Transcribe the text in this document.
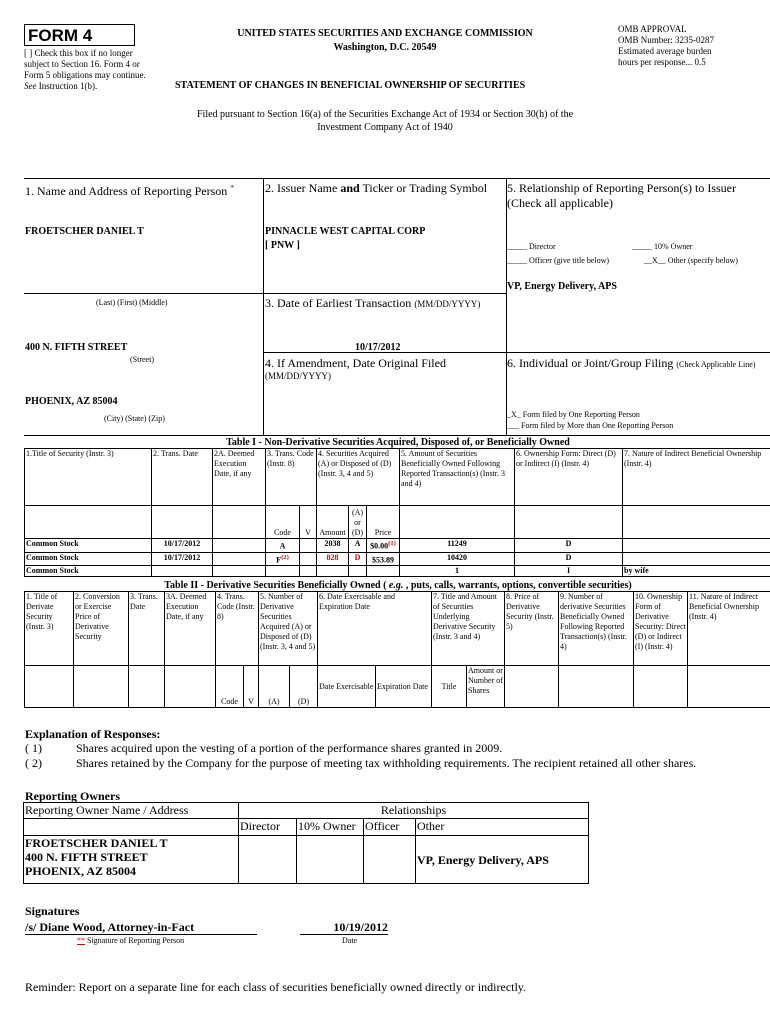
FORM 4
[ ] Check this box if no longer subject to Section 16. Form 4 or Form 5 obligations may continue. See Instruction 1(b).
UNITED STATES SECURITIES AND EXCHANGE COMMISSION
Washington, D.C. 20549
STATEMENT OF CHANGES IN BENEFICIAL OWNERSHIP OF SECURITIES
OMB APPROVAL
OMB Number: 3235-0287
Estimated average burden
hours per response... 0.5
Filed pursuant to Section 16(a) of the Securities Exchange Act of 1934 or Section 30(h) of the
Investment Company Act of 1940
1. Name and Address of Reporting Person *
FROETSCHER DANIEL T
(Last) (First) (Middle)
400 N. FIFTH STREET
(Street)
PHOENIX, AZ 85004
(City) (State) (Zip)
2. Issuer Name and Ticker or Trading Symbol
PINNACLE WEST CAPITAL CORP
[ PNW ]
3. Date of Earliest Transaction (MM/DD/YYYY)
10/17/2012
4. If Amendment, Date Original Filed
(MM/DD/YYYY)
5. Relationship of Reporting Person(s) to Issuer
(Check all applicable)
_____ Director	_____ 10% Owner
_____ Officer (give title below)	__X__ Other (specify below)
VP, Energy Delivery, APS
6. Individual or Joint/Group Filing (Check Applicable Line)
_X_ Form filed by One Reporting Person
___ Form filed by More than One Reporting Person
Table I - Non-Derivative Securities Acquired, Disposed of, or Beneficially Owned
1.Title of Security (Instr. 3)	2. Trans. Date	2A. Deemed Execution Date, if any	3. Trans. Code (Instr. 8)		4. Securities Acquired (A) or Disposed of (D) (Instr. 3, 4 and 5)			5. Amount of Securities Beneficially Owned Following Reported Transaction(s) (Instr. 3 and 4)	6. Ownership Form: Direct (D) or Indirect (I) (Instr. 4)	7. Nature of Indirect Beneficial Ownership (Instr. 4)
			Code	V	Amount	(A) or (D)	Price			
Common Stock	10/17/2012		A		2038	A	$0.00$^{(1)}$	11249	D	
Common Stock	10/17/2012		$F^{(2)}$		828	D	$53.89	10420	D	
Common Stock								1	I	by wife
Table II - Derivative Securities Beneficially Owned ( e.g. , puts, calls, warrants, options, convertible securities)
1. Title of Derivate Security (Instr. 3)	2. Conversion or Exercise Price of Derivative Security	3. Trans. Date	3A. Deemed Execution Date, if any	4. Trans. Code (Instr. 8)		5. Number of Derivative Securities Acquired (A) or Disposed of (D) (Instr. 3, 4 and 5)		6. Date Exercisable and Expiration Date		7. Title and Amount of Securities Underlying Derivative Security (Instr. 3 and 4)		8. Price of Derivative Security (Instr. 5)	9. Number of derivative Securities Beneficially Owned Following Reported Transaction(s) (Instr. 4)	10. Ownership Form of Derivative Security: Direct (D) or Indirect (I) (Instr. 4)	11. Nature of Indirect Beneficial Ownership (Instr. 4)
				Code	V	(A)	(D)	Date Exercisable	Expiration Date	Title	Amount or Number of Shares				
Explanation of Responses:
( 1)	Shares acquired upon the vesting of a portion of the performance shares granted in 2009.
( 2)	Shares retained by the Company for the purpose of meeting tax withholding requirements. The recipient retained all other shares.
Reporting Owners
Reporting Owner Name / Address	Relationships			
	Director	10% Owner	Officer	Other

FROETSCHER DANIEL T
400 N. FIFTH STREET
PHOENIX, AZ 85004				VP, Energy Delivery, APS
Signatures
/s/ Diane Wood, Attorney-in-Fact	10/19/2012
** Signature of Reporting Person	Date
Reminder: Report on a separate line for each class of securities beneficially owned directly or indirectly.
